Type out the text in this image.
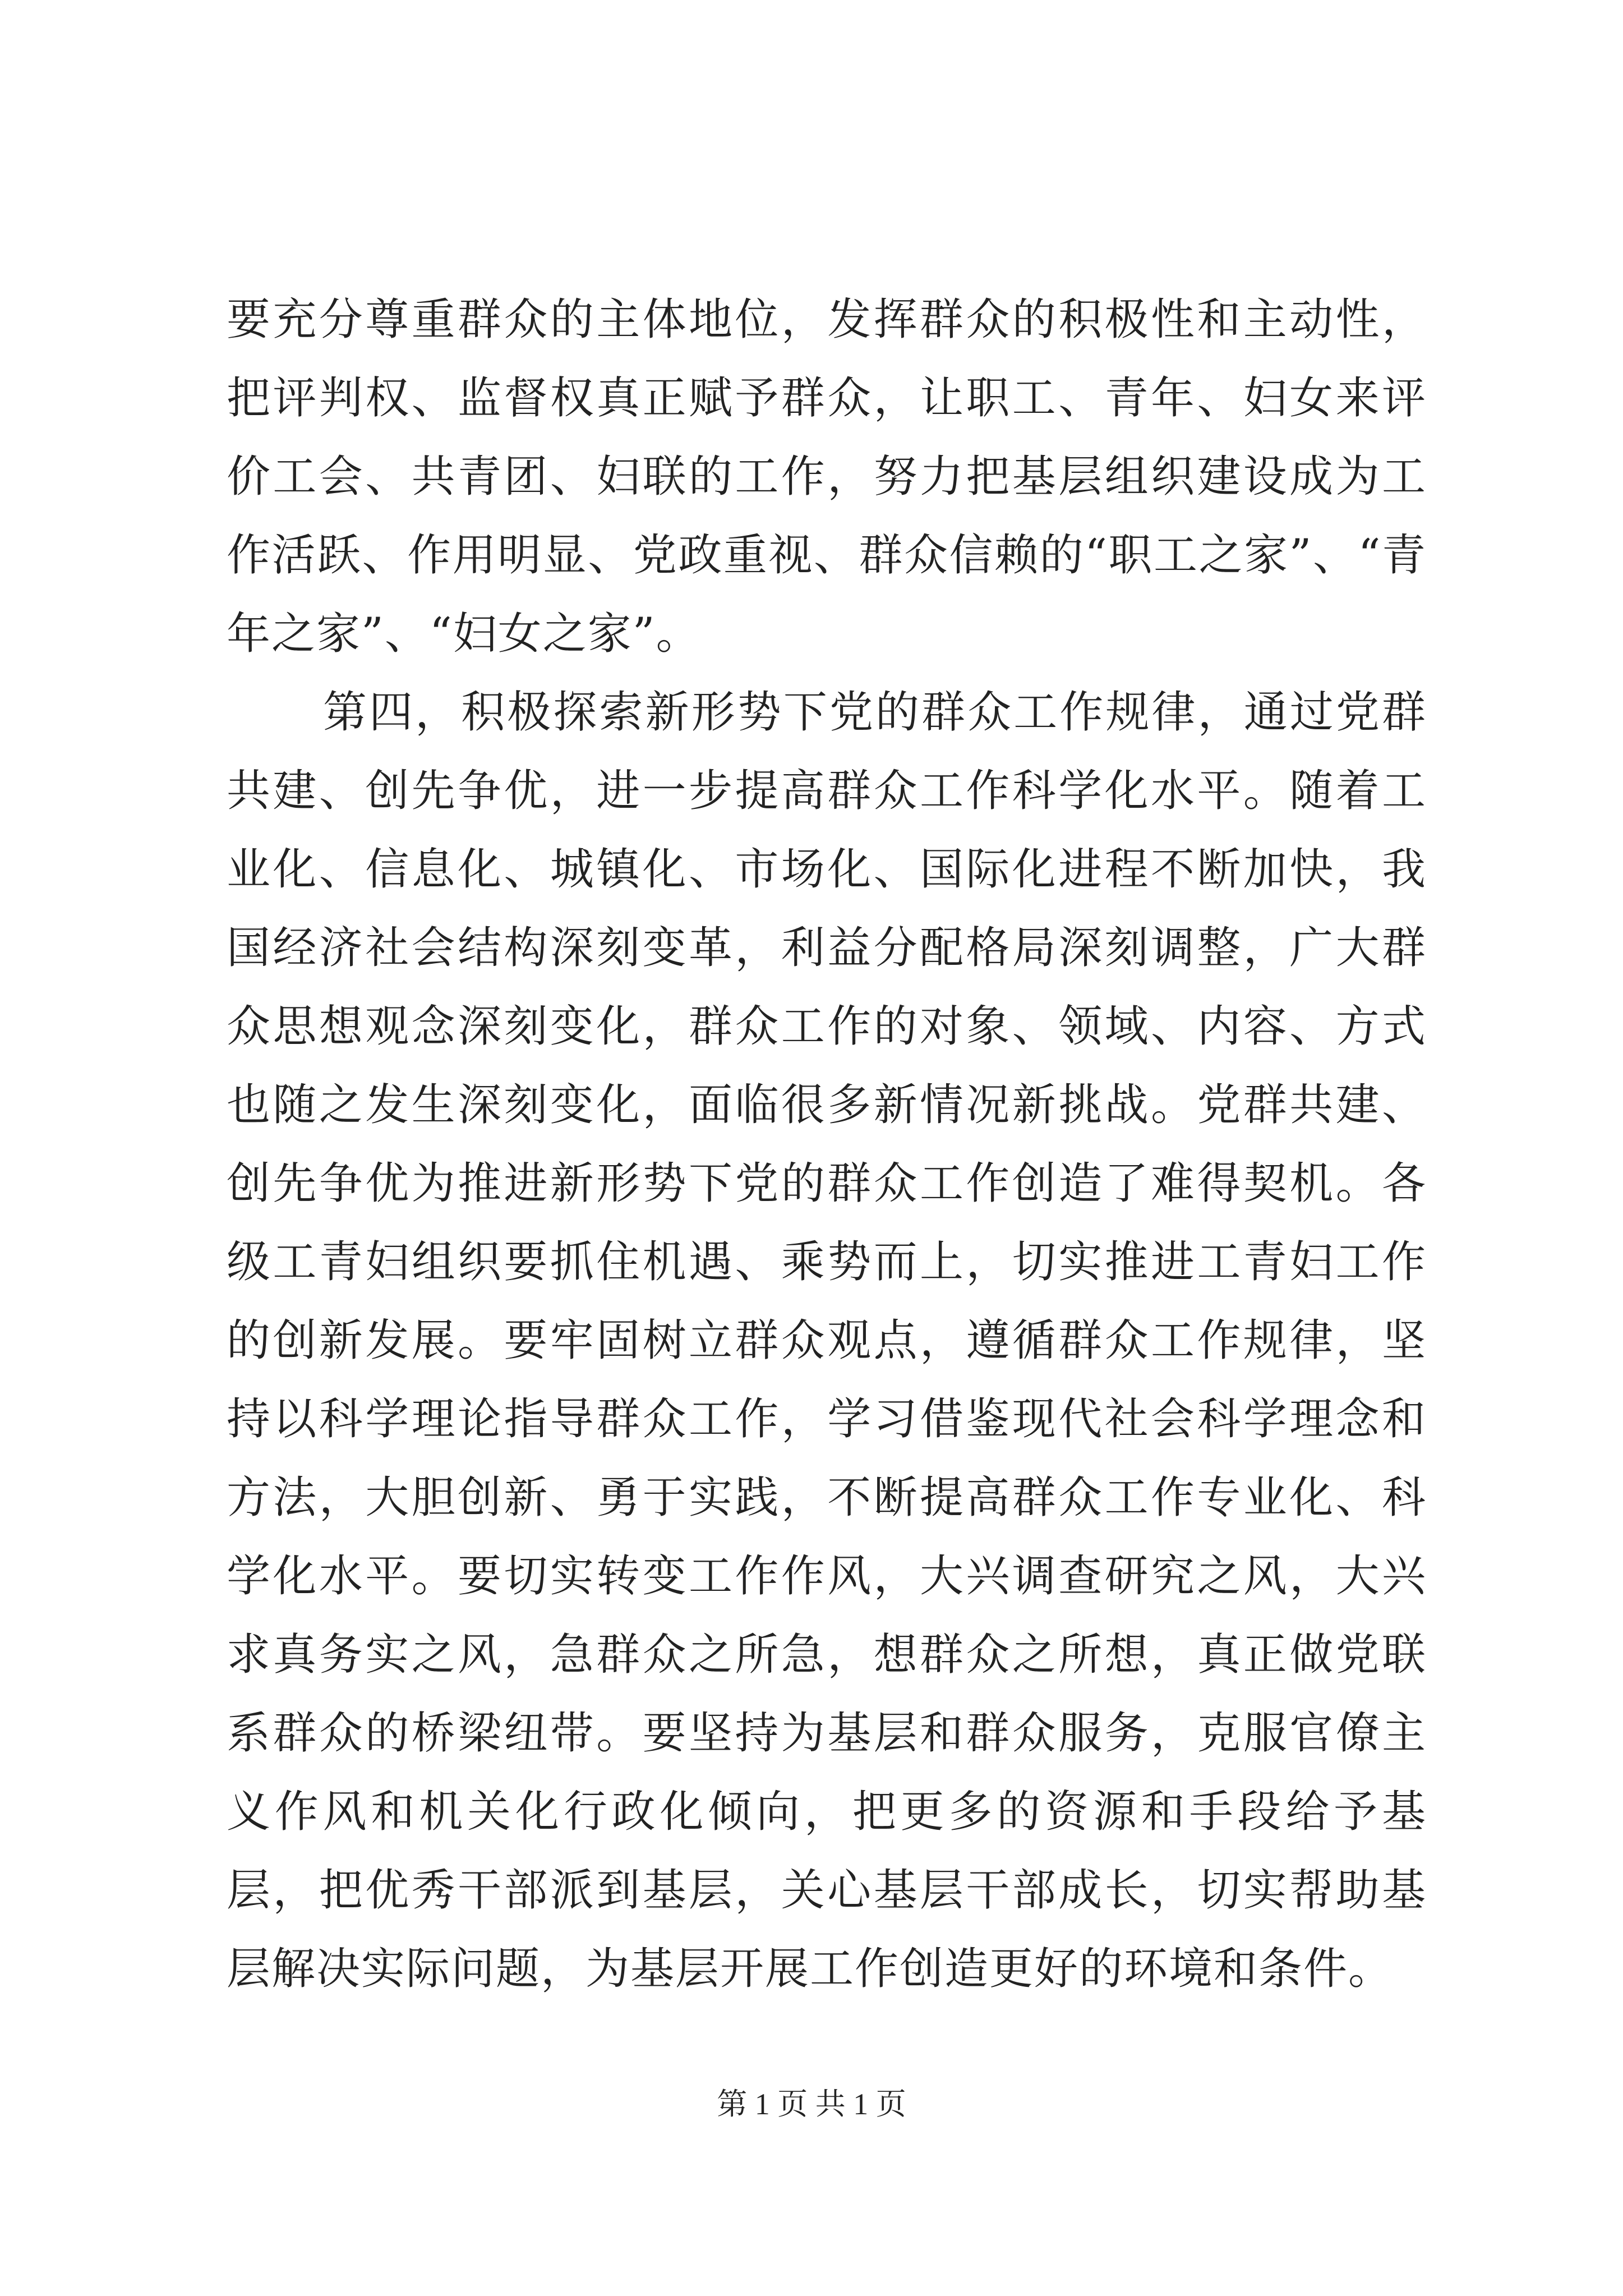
要充分尊重群众的主体地位，发挥群众的积极性和主动性，把评判权、监督权真正赋予群众，让职工、青年、妇女来评价工会、共青团、妇联的工作，努力把基层组织建设成为工作活跃、作用明显、党政重视、群众信赖的“职工之家”、“青年之家”、“妇女之家”。

第四，积极探索新形势下党的群众工作规律，通过党群共建、创先争优，进一步提高群众工作科学化水平。随着工业化、信息化、城镇化、市场化、国际化进程不断加快，我国经济社会结构深刻变革，利益分配格局深刻调整，广大群众思想观念深刻变化，群众工作的对象、领域、内容、方式也随之发生深刻变化，面临很多新情况新挑战。党群共建、创先争优为推进新形势下党的群众工作创造了难得契机。各级工青妇组织要抓住机遇、乘势而上，切实推进工青妇工作的创新发展。要牢固树立群众观点，遵循群众工作规律，坚持以科学理论指导群众工作，学习借鉴现代社会科学理念和方法，大胆创新、勇于实践，不断提高群众工作专业化、科学化水平。要切实转变工作作风，大兴调查研究之风，大兴求真务实之风，急群众之所急，想群众之所想，真正做党联系群众的桥梁纽带。要坚持为基层和群众服务，克服官僚主义作风和机关化行政化倾向，把更多的资源和手段给予基层，把优秀干部派到基层，关心基层干部成长，切实帮助基层解决实际问题，为基层开展工作创造更好的环境和条件。

第 1 页 共 1 页
